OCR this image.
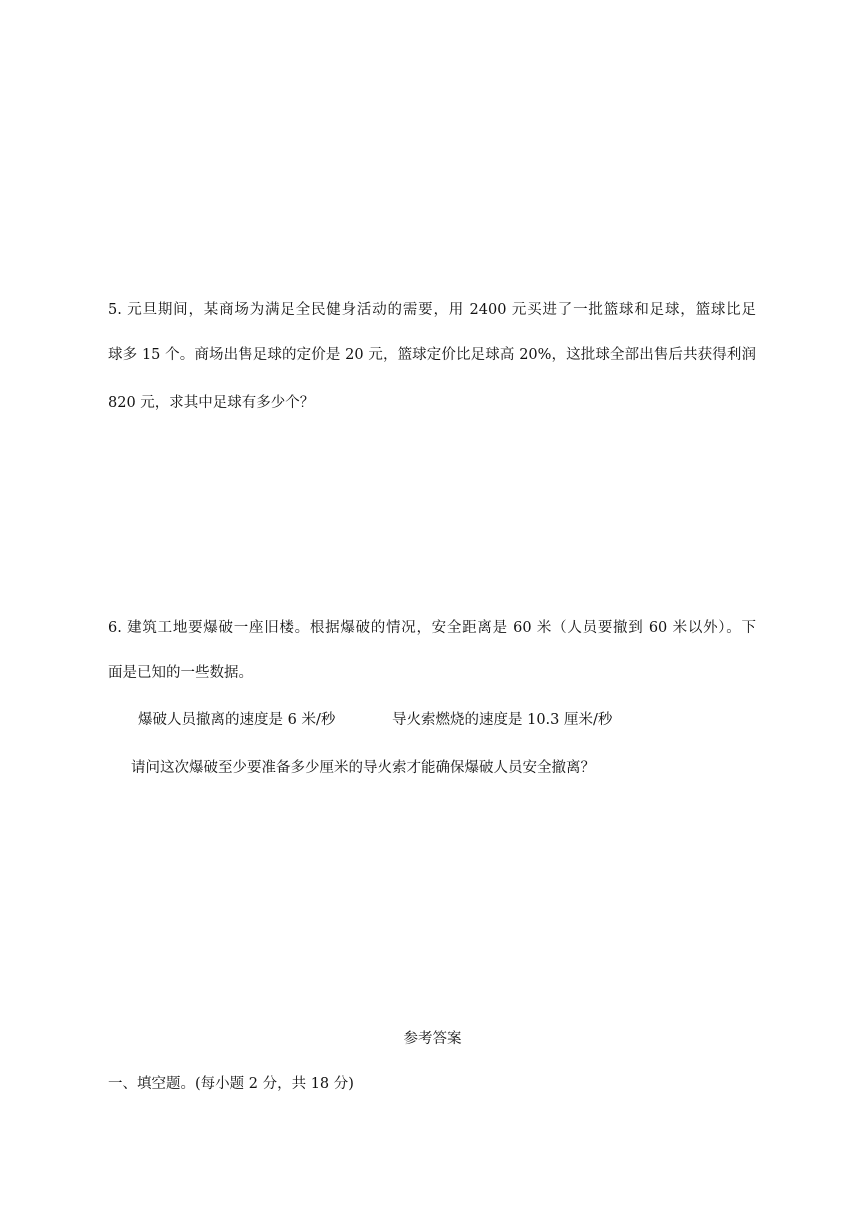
5. 元旦期间，某商场为满足全民健身活动的需要，用 2400 元买进了一批篮球和足球，篮球比足

球多 15 个。商场出售足球的定价是 20 元，篮球定价比足球高 20%，这批球全部出售后共获得利润

820 元，求其中足球有多少个？

6. 建筑工地要爆破一座旧楼。根据爆破的情况，安全距离是 60 米（人员要撤到 60 米以外）。下

面是已知的一些数据。

爆破人员撤离的速度是 6 米/秒	导火索燃烧的速度是 10.3 厘米/秒

请问这次爆破至少要准备多少厘米的导火索才能确保爆破人员安全撤离？

参考答案

一、填空题。(每小题 2 分，共 18 分)
